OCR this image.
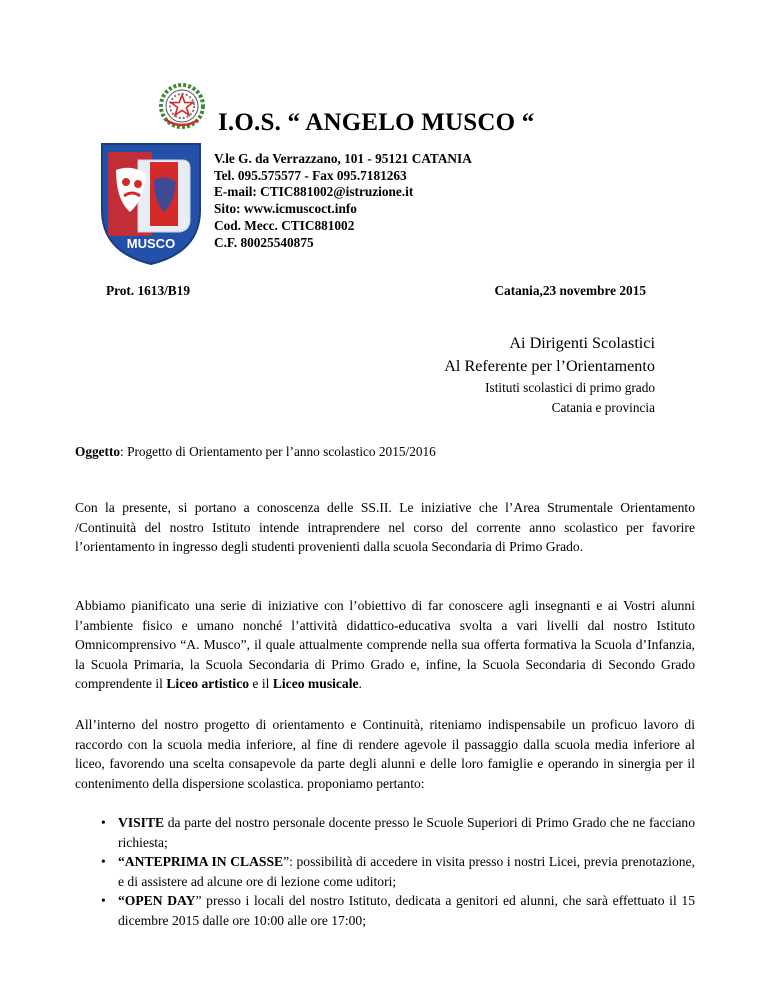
MUSCO
I.O.S. “ ANGELO MUSCO “
V.le G. da Verrazzano, 101 - 95121 CATANIA
Tel. 095.575577 - Fax 095.7181263
E-mail: CTIC881002@istruzione.it
Sito: www.icmuscoct.info
Cod. Mecc. CTIC881002
C.F. 80025540875
Prot. 1613/B19	Catania,23 novembre 2015
Ai Dirigenti Scolastici
Al Referente per l’Orientamento
Istituti scolastici di primo grado
Catania e provincia
Oggetto: Progetto di Orientamento per l’anno scolastico 2015/2016
Con la presente, si portano a conoscenza delle SS.II. Le iniziative che l’Area Strumentale Orientamento /Continuità del nostro Istituto intende intraprendere nel corso del corrente anno scolastico per favorire l’orientamento in ingresso degli studenti provenienti dalla scuola Secondaria di Primo Grado.
Abbiamo pianificato una serie di iniziative con l’obiettivo di far conoscere agli insegnanti e ai Vostri alunni l’ambiente fisico e umano nonché l’attività didattico-educativa svolta a vari livelli dal nostro Istituto Omnicomprensivo “A. Musco”, il quale attualmente comprende nella sua offerta formativa la Scuola d’Infanzia, la Scuola Primaria, la Scuola Secondaria di Primo Grado e, infine, la Scuola Secondaria di Secondo Grado comprendente il Liceo artistico e il Liceo musicale.
All’interno del nostro progetto di orientamento e Continuità, riteniamo indispensabile un proficuo lavoro di raccordo con la scuola media inferiore, al fine di rendere agevole il passaggio dalla scuola media inferiore al liceo, favorendo una scelta consapevole da parte degli alunni e delle loro famiglie e operando in sinergia per il contenimento della dispersione scolastica. proponiamo pertanto:
• VISITE da parte del nostro personale docente presso le Scuole Superiori di Primo Grado che ne facciano richiesta;
• “ANTEPRIMA IN CLASSE”: possibilità di accedere in visita presso i nostri Licei, previa prenotazione, e di assistere ad alcune ore di lezione come uditori;
• “OPEN DAY” presso i locali del nostro Istituto, dedicata a genitori ed alunni, che sarà effettuato il 15 dicembre 2015 dalle ore 10:00 alle ore 17:00;
